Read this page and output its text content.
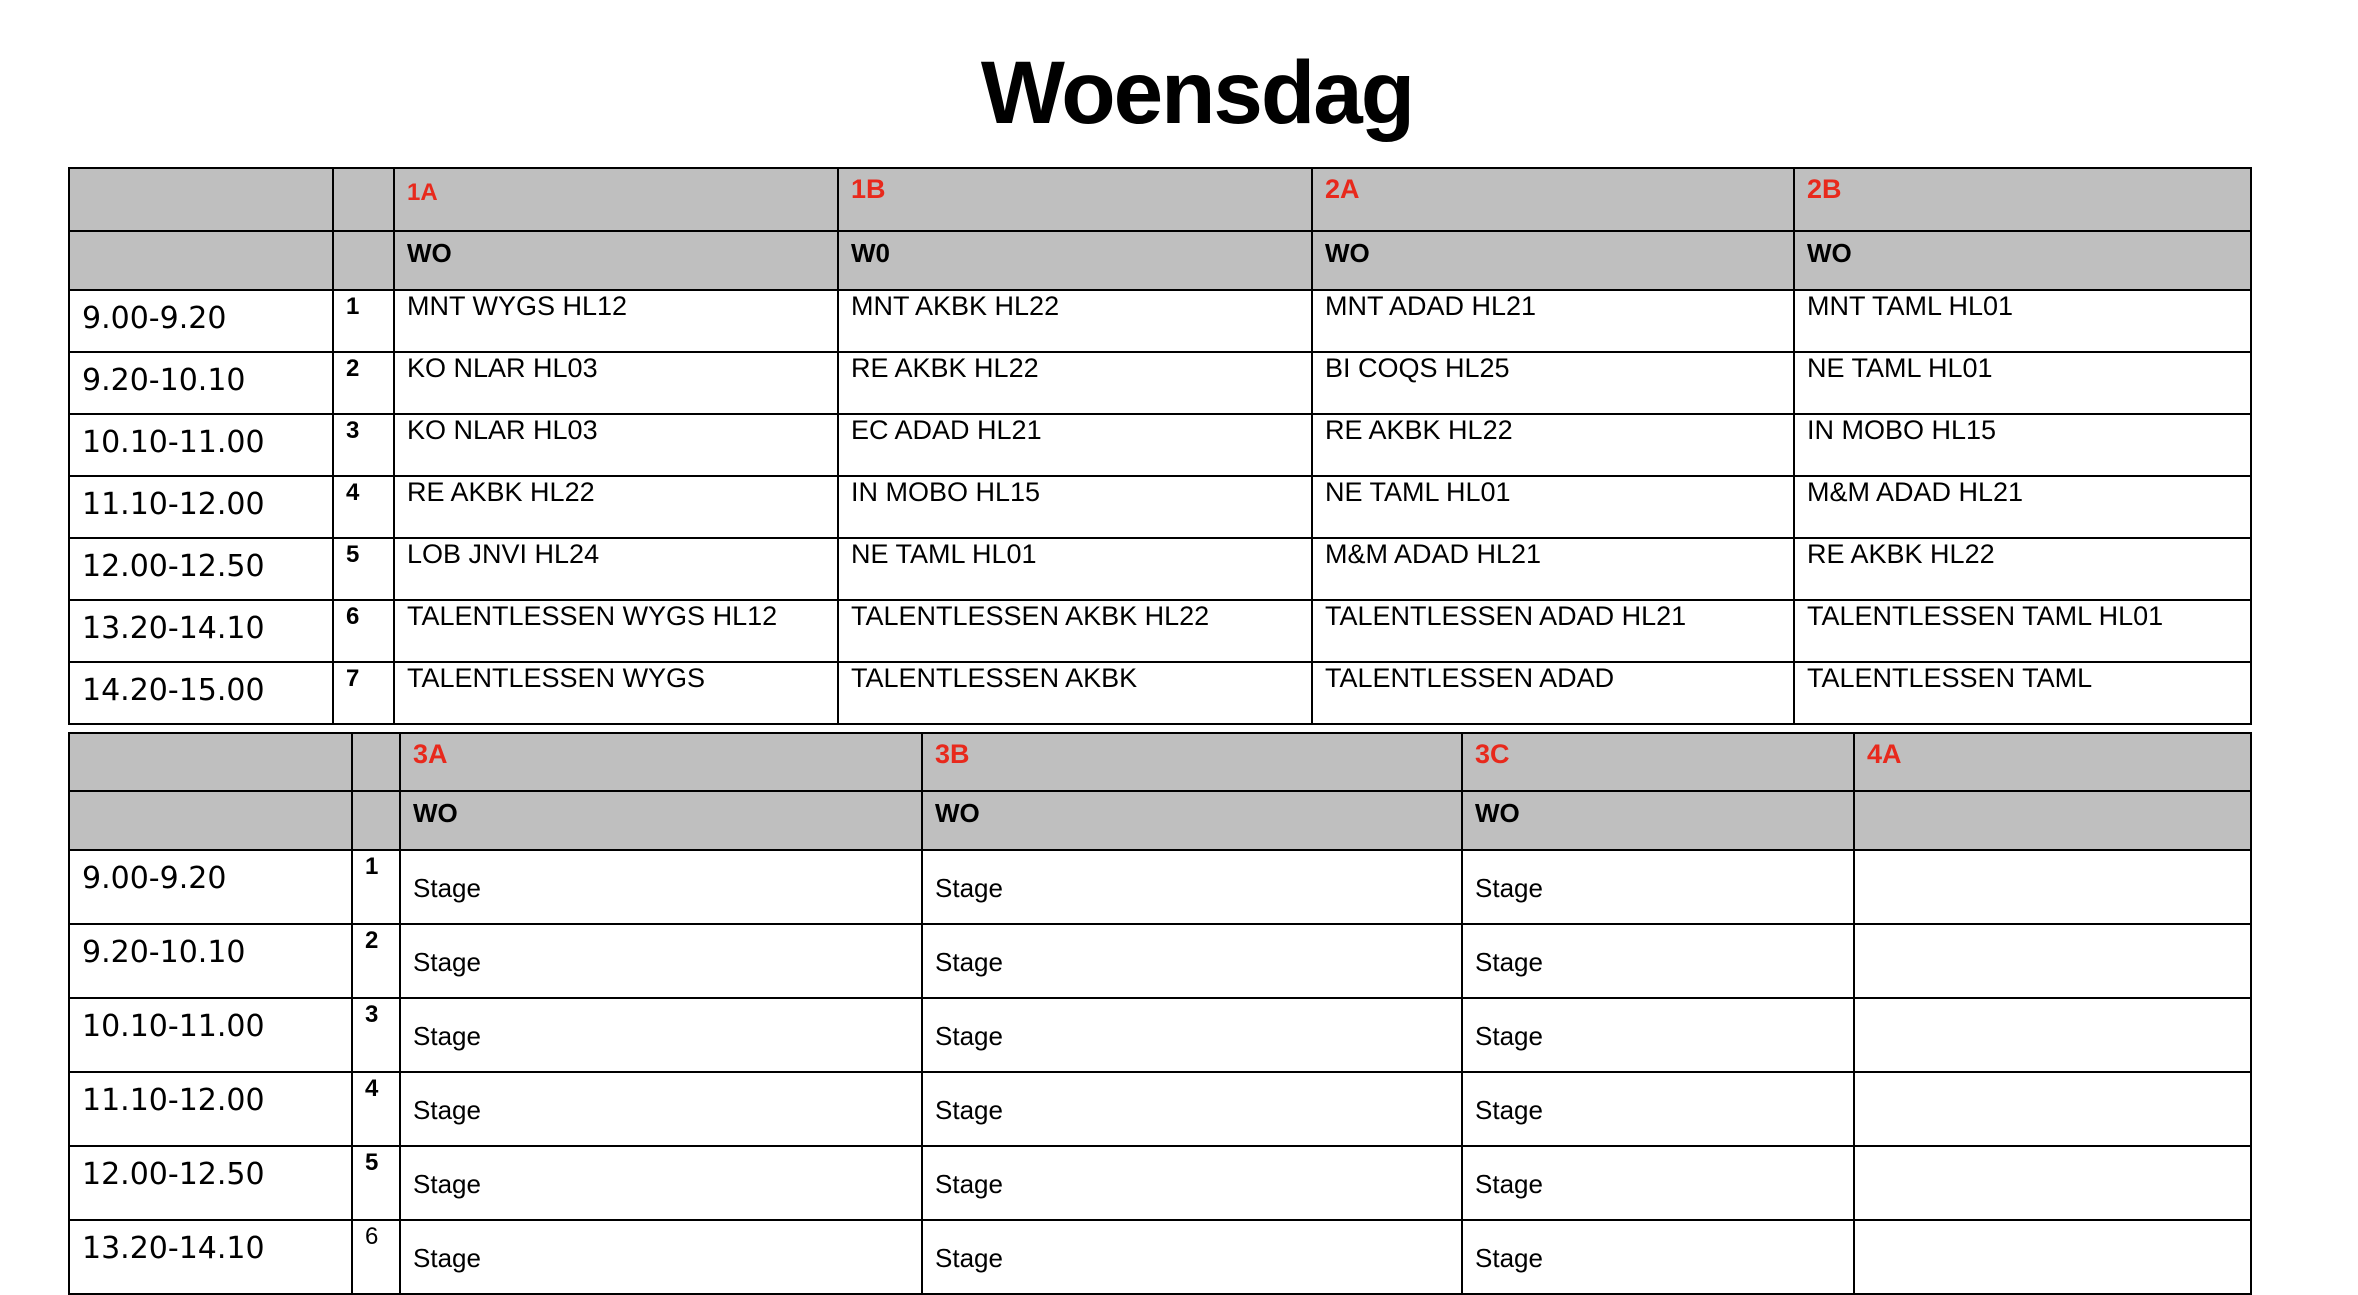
Woensdag
		1A	1B	2A	2B
		WO	W0	WO	WO
9.00-9.20	1	MNT WYGS HL12	MNT AKBK HL22	MNT ADAD HL21	MNT TAML HL01
9.20-10.10	2	KO NLAR HL03	RE AKBK HL22	BI COQS HL25	NE TAML HL01
10.10-11.00	3	KO NLAR HL03	EC ADAD HL21	RE AKBK HL22	IN MOBO HL15
11.10-12.00	4	RE AKBK HL22	IN MOBO HL15	NE TAML HL01	M&M ADAD HL21
12.00-12.50	5	LOB JNVI HL24	NE TAML HL01	M&M ADAD HL21	RE AKBK HL22
13.20-14.10	6	TALENTLESSEN WYGS HL12	TALENTLESSEN AKBK HL22	TALENTLESSEN ADAD HL21	TALENTLESSEN TAML HL01
14.20-15.00	7	TALENTLESSEN WYGS	TALENTLESSEN AKBK	TALENTLESSEN ADAD	TALENTLESSEN TAML
		3A	3B	3C	4A
		WO	WO	WO	
9.00-9.20	1	Stage	Stage	Stage	
9.20-10.10	2	Stage	Stage	Stage	
10.10-11.00	3	Stage	Stage	Stage	
11.10-12.00	4	Stage	Stage	Stage	
12.00-12.50	5	Stage	Stage	Stage	
13.20-14.10	6	Stage	Stage	Stage	
